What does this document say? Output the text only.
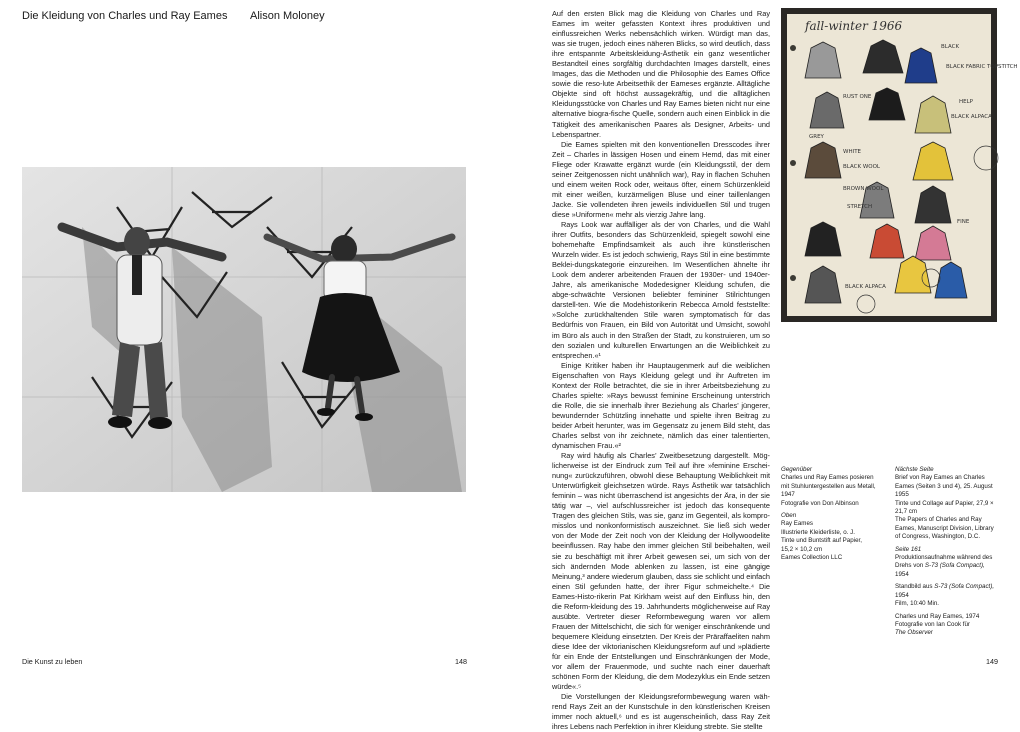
Die Kleidung von Charles und Ray Eames Alison Moloney
Die Kunst zu leben	148

Auf den ersten Blick mag die Kleidung von Charles und Ray Eames im weiter gefassten Kontext ihres produktiven und einflussreichen Werks nebensächlich wirken. Würdigt man das, was sie trugen, jedoch eines näheren Blicks, so wird deutlich, dass ihre entspannte Arbeitskleidung-Ästhetik ein ganz wesentlicher Bestandteil eines sorgfältig durchdachten Images darstellt, eines Images, das die Methoden und die Philosophie des Eames Office sowie die reso-lute Arbeitsethik der Eameses ergänzte. Alltägliche Objekte sind oft höchst aussagekräftig, und die alltäglichen Kleidungsstücke von Charles und Ray Eames bieten nicht nur eine alternative biogra-fische Quelle, sondern auch einen Einblick in die Tätigkeit des amerikanischen Paares als Designer, Arbeits- und Lebenspartner.

Die Eames spielten mit den konventionellen Dresscodes ihrer Zeit – Charles in lässigen Hosen und einem Hemd, das mit einer Fliege oder Krawatte ergänzt wurde (ein Kleidungsstil, der dem seiner Zeitgenossen nicht unähnlich war), Ray in flachen Schuhen und einem weiten Rock oder, weitaus öfter, einem Schürzenkleid mit einer weißen, kurzärmeligen Bluse und einer taillenlangen Jacke. Sie vollendeten ihren jeweils individuellen Stil und trugen diese »Uniformen« mehr als vierzig Jahre lang.

Rays Look war auffälliger als der von Charles, und die Wahl ihrer Outfits, besonders das Schürzenkleid, spiegelt sowohl eine bohemehafte Empfindsamkeit als auch ihre künstlerischen Wurzeln wider. Es ist jedoch schwierig, Rays Stil in eine bestimmte Beklei-dungskategorie einzureihen. Im Wesentlichen ähnelte ihr Look dem anderer arbeitenden Frauen der 1930er- und 1940er-Jahre, als amerikanische Modedesigner Kleidung schufen, die abge-schwächte Versionen beliebter femininer Stilrichtungen darstell-ten. Wie die Modehistorikerin Rebecca Arnold feststellte: »Solche zurückhaltenden Stile waren symptomatisch für das Bedürfnis von Frauen, ein Bild von Autorität und Umsicht, sowohl im Büro als auch in den Straßen der Stadt, zu konstruieren, um so den sozialen und kulturellen Erwartungen an die Weiblichkeit zu entsprechen.«¹

Einige Kritiker haben ihr Hauptaugenmerk auf die weiblichen Eigenschaften von Rays Kleidung gelegt und ihr Auftreten im Kontext der Rolle betrachtet, die sie in ihrer Arbeitsbeziehung zu Charles spielte: »Rays bewusst feminine Erscheinung unterstrich die Rolle, die sie innerhalb ihrer Beziehung als Charles’ jüngerer, bewundernder Schützling innehatte und spielte ihren Beitrag zu beider Arbeit herunter, was im Gegensatz zu jenem Bild steht, das Charles selbst von ihr zeichnete, nämlich das einer talentierten, dynamischen Frau.«²

Ray wird häufig als Charles’ Zweitbesetzung dargestellt. Mög-licherweise ist der Eindruck zum Teil auf ihre »feminine Erschei-nung« zurückzuführen, obwohl diese Behauptung Weiblichkeit mit Unterwürfigkeit gleichsetzen würde. Rays Ästhetik war tatsächlich feminin – was nicht überraschend ist angesichts der Ära, in der sie tätig war –, viel aufschlussreicher ist jedoch das konsequente Tragen des gleichen Stils, was sie, ganz im Gegenteil, als kompro-misslos und nonkonformistisch auszeichnet. Sie ließ sich weder von der Mode der Zeit noch von der Kleidung der Hollywoodelite beeinflussen. Ray habe den immer gleichen Stil beibehalten, weil sie zu beschäftigt mit ihrer Arbeit gewesen sei, um sich von der sich ändernden Mode ablenken zu lassen, ist eine gängige Meinung,³ andere wiederum glauben, dass sie schlicht und einfach einen Stil gefunden hatte, der ihrer Figur schmeichelte.⁴ Die Eames-Histo-rikerin Pat Kirkham weist auf den Einfluss hin, den die Reform-kleidung des 19. Jahrhunderts möglicherweise auf Ray ausübte. Vertreter dieser Reformbewegung waren vor allem Frauen der Mittelschicht, die sich für weniger einschränkende und bequemere Kleidung einsetzten. Der Kreis der Präraffaeliten nahm diese Idee der viktorianischen Kleidungsreform auf und »plädierte für ein Ende der Entstellungen und Einschränkungen der Mode, vor allem der Frauenmode, und suchte nach einer dauerhaft schönen Form der Kleidung, die dem Modezyklus ein Ende setzen würde«.⁵

Die Vorstellungen der Kleidungsreformbewegung waren wäh-rend Rays Zeit an der Kunstschule in den künstlerischen Kreisen immer noch aktuell,⁶ und es ist augenscheinlich, dass Ray Zeit ihres Lebens nach Perfektion in ihrer Kleidung strebte. Sie stellte

fall-winter 1966
BLACK
BLACK FABRIC TOPSTITCH
RUST ONE
HELP
BLACK ALPACA
WHITE
BLACK WOOL
BROWN WOOL
GREY
FINE
STRETCH
BLACK ALPACA
Gegenüber
Charles und Ray Eames posieren mit Stuhluntergestellen aus Metall, 1947
Fotografie von Don Albinson
Oben
Ray Eames
Illustrierte Kleiderliste, o. J.
Tinte und Buntstift auf Papier,
15,2 × 10,2 cm
Eames Collection LLC
Nächste Seite
Brief von Ray Eames an Charles Eames (Seiten 3 und 4), 25. August 1955
Tinte und Collage auf Papier, 27,9 × 21,7 cm
The Papers of Charles and Ray Eames, Manuscript Division, Library of Congress, Washington, D.C.
Seite 161
Produktionsaufnahme während des Drehs von S-73 (Sofa Compact),
1954
Standbild aus S-73 (Sofa Compact),
1954
Film, 10:40 Min.
Charles und Ray Eames, 1974
Fotografie von Ian Cook für
The Observer
149
